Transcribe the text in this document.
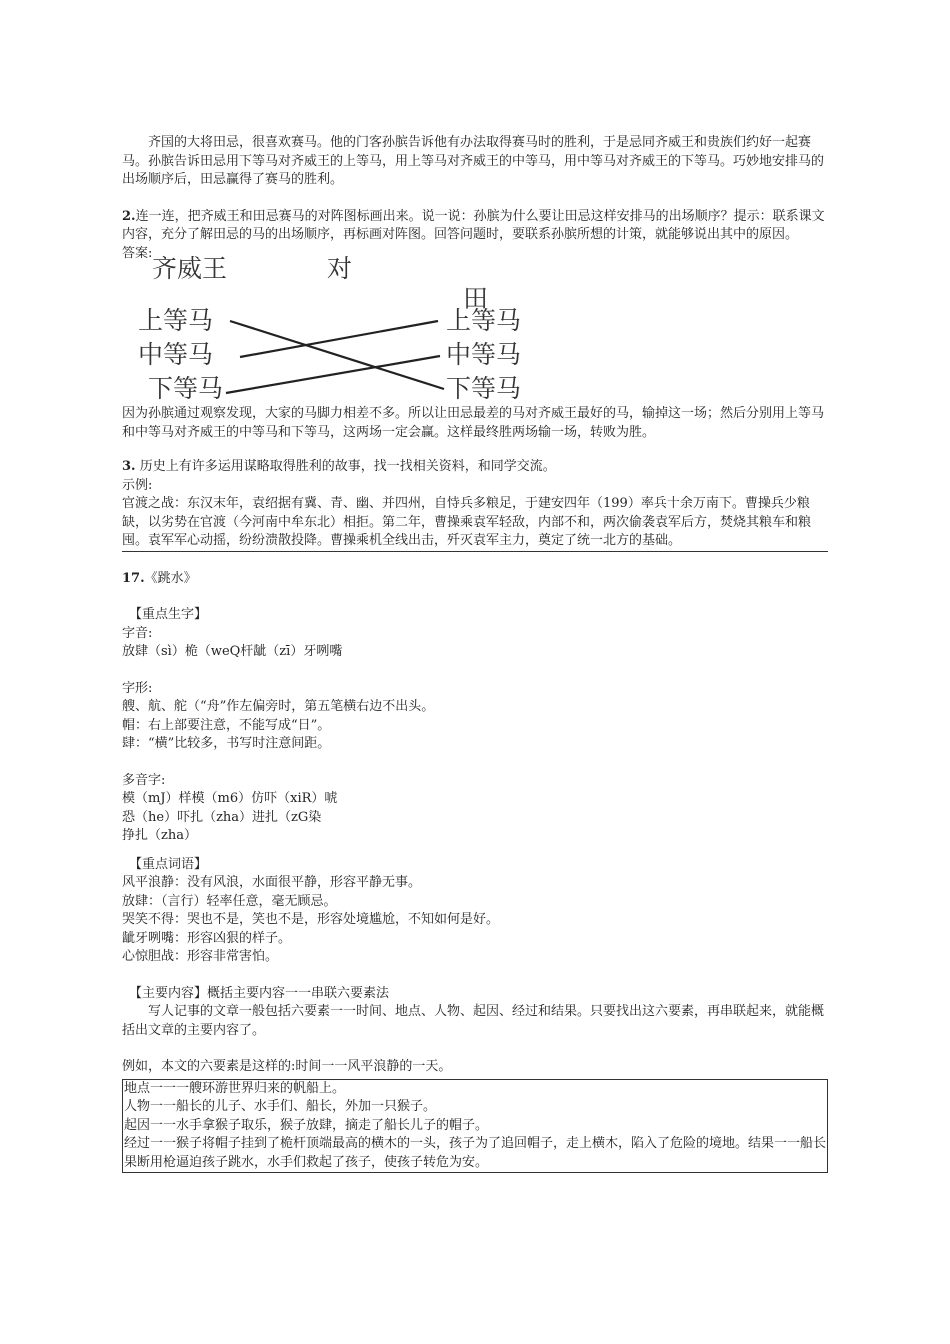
齐国的大将田忌，很喜欢赛马。他的门客孙膑告诉他有办法取得赛马时的胜利，于是忌同齐威王和贵族们约好一起赛马。孙膑告诉田忌用下等马对齐威王的上等马，用上等马对齐威王的中等马，用中等马对齐威王的下等马。巧妙地安排马的出场顺序后，田忌赢得了赛马的胜利。

2.连一连，把齐威王和田忌赛马的对阵图标画出来。说一说：孙膑为什么要让田忌这样安排马的出场顺序？提示：联系课文内容，充分了解田忌的马的出场顺序，再标画对阵图。回答问题时，要联系孙膑所想的计策，就能够说出其中的原因。

答案:

齐威王	对
田
上等马
中等马
下等马
上等马
中等马
下等马

因为孙膑通过观察发现，大家的马脚力相差不多。所以让田忌最差的马对齐威王最好的马，输掉这一场；然后分别用上等马和中等马对齐威王的中等马和下等马，这两场一定会赢。这样最终胜两场输一场，转败为胜。

3. 历史上有许多运用谋略取得胜利的故事，找一找相关资料，和同学交流。

示例:

官渡之战：东汉末年，袁绍据有冀、青、幽、并四州，自恃兵多粮足，于建安四年（199）率兵十余万南下。曹操兵少粮缺，以劣势在官渡（今河南中牟东北）相拒。第二年，曹操乘袁军轻敌，内部不和，两次偷袭袁军后方，焚烧其粮车和粮囤。袁军军心动摇，纷纷溃散投降。曹操乘机全线出击，歼灭袁军主力，奠定了统一北方的基础。

17.《跳水》

【重点生字】

字音:

放肆（sì）桅（weQ杆龇（zī）牙咧嘴

字形:

艘、航、舵（“舟”作左偏旁时，第五笔横右边不出头。

帽：右上部要注意，不能写成“日”。

肆：“横”比较多，书写时注意间距。

多音字:

模（mJ）样模（m6）仿吓（xiR）唬

恐（he）吓扎（zha）进扎（zG染

挣扎（zha）

【重点词语】

风平浪静：没有风浪，水面很平静，形容平静无事。

放肆：（言行）轻率任意，毫无顾忌。

哭笑不得：哭也不是，笑也不是，形容处境尴尬，不知如何是好。

龇牙咧嘴：形容凶狠的样子。

心惊胆战：形容非常害怕。

【主要内容】概括主要内容一一串联六要素法

写人记事的文章一般包括六要素一一时间、地点、人物、起因、经过和结果。只要找出这六要素，再串联起来，就能概括出文章的主要内容了。

例如，本文的六要素是这样的:时间一一风平浪静的一天。

地点一一一艘环游世界归来的帆船上。

人物一一船长的儿子、水手们、船长，外加一只猴子。

起因一一水手拿猴子取乐，猴子放肆，摘走了船长儿子的帽子。

经过一一猴子将帽子挂到了桅杆顶端最高的横木的一头，孩子为了追回帽子，走上横木，陷入了危险的境地。结果一一船长果断用枪逼迫孩子跳水，水手们救起了孩子，使孩子转危为安。
